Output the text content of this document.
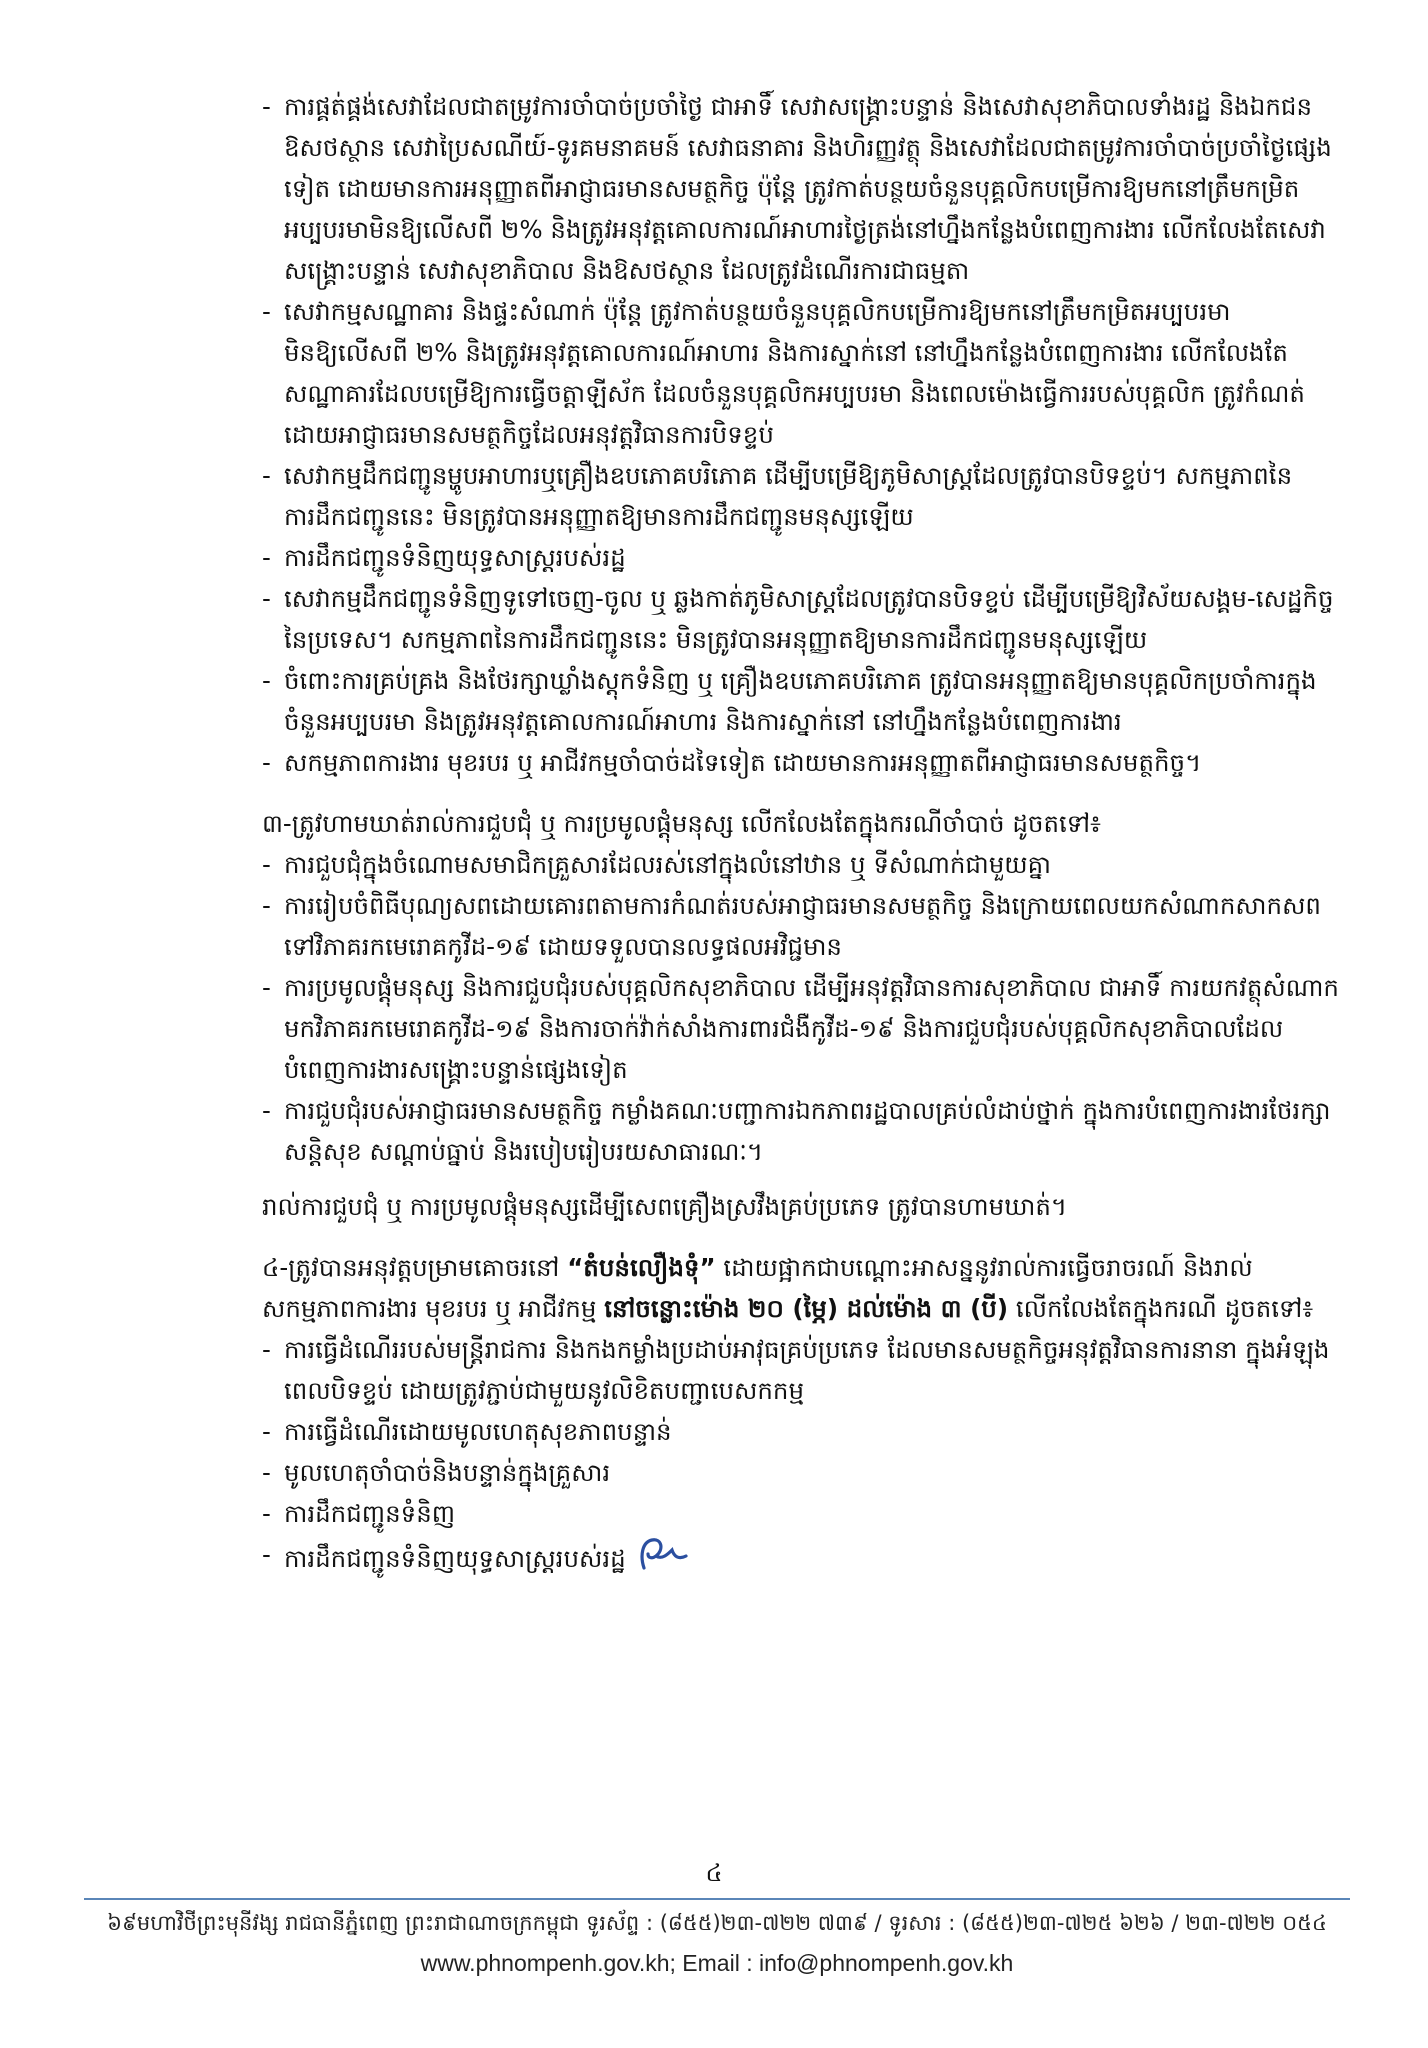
- ការផ្គត់ផ្គង់សេវាដែលជាតម្រូវការចាំបាច់ប្រចាំថ្ងៃ ជាអាទិ៍ សេវាសង្គ្រោះបន្ទាន់ និងសេវាសុខាភិបាលទាំងរដ្ឋ និងឯកជន ឱសថស្ថាន សេវាប្រៃសណីយ៍-ទូរគមនាគមន៍ សេវាធនាគារ និងហិរញ្ញវត្ថុ និងសេវាដែលជាតម្រូវការចាំបាច់ប្រចាំថ្ងៃផ្សេងទៀត ដោយមានការអនុញ្ញាតពីអាជ្ញាធរមានសមត្ថកិច្ច ប៉ុន្តែ ត្រូវកាត់បន្ថយចំនួនបុគ្គលិកបម្រើការឱ្យមកនៅត្រឹមកម្រិតអប្បបរមាមិនឱ្យលើសពី ២% និងត្រូវអនុវត្តគោលការណ៍អាហារថ្ងៃត្រង់នៅហ្នឹងកន្លែងបំពេញការងារ លើកលែងតែសេវាសង្គ្រោះបន្ទាន់ សេវាសុខាភិបាល និងឱសថស្ថាន ដែលត្រូវដំណើរការជាធម្មតា

- សេវាកម្មសណ្ឋាគារ និងផ្ទះសំណាក់ ប៉ុន្តែ ត្រូវកាត់បន្ថយចំនួនបុគ្គលិកបម្រើការឱ្យមកនៅត្រឹមកម្រិតអប្បបរមាមិនឱ្យលើសពី ២% និងត្រូវអនុវត្តគោលការណ៍អាហារ និងការស្នាក់នៅ នៅហ្នឹងកន្លែងបំពេញការងារ លើកលែងតែសណ្ឋាគារដែលបម្រើឱ្យការធ្វើចត្តាឡីស័ក ដែលចំនួនបុគ្គលិកអប្បបរមា និងពេលម៉ោងធ្វើការរបស់បុគ្គលិក ត្រូវកំណត់ដោយអាជ្ញាធរមានសមត្ថកិច្ចដែលអនុវត្តវិធានការបិទខ្ទប់

- សេវាកម្មដឹកជញ្ជូនម្ហូបអាហារឬគ្រឿងឧបភោគបរិភោគ ដើម្បីបម្រើឱ្យភូមិសាស្ត្រដែលត្រូវបានបិទខ្ទប់។ សកម្មភាពនៃការដឹកជញ្ជូននេះ មិនត្រូវបានអនុញ្ញាតឱ្យមានការដឹកជញ្ជូនមនុស្សឡើយ

- ការដឹកជញ្ជូនទំនិញយុទ្ធសាស្ត្ររបស់រដ្ឋ

- សេវាកម្មដឹកជញ្ជូនទំនិញទូទៅចេញ-ចូល ឬ ឆ្លងកាត់ភូមិសាស្ត្រដែលត្រូវបានបិទខ្ទប់ ដើម្បីបម្រើឱ្យវិស័យសង្គម-សេដ្ឋកិច្ចនៃប្រទេស។ សកម្មភាពនៃការដឹកជញ្ជូននេះ មិនត្រូវបានអនុញ្ញាតឱ្យមានការដឹកជញ្ជូនមនុស្សឡើយ

- ចំពោះការគ្រប់គ្រង និងថែរក្សាឃ្លាំងស្តុកទំនិញ ឬ គ្រឿងឧបភោគបរិភោគ ត្រូវបានអនុញ្ញាតឱ្យមានបុគ្គលិកប្រចាំការក្នុងចំនួនអប្បបរមា និងត្រូវអនុវត្តគោលការណ៍អាហារ និងការស្នាក់នៅ នៅហ្នឹងកន្លែងបំពេញការងារ

- សកម្មភាពការងារ មុខរបរ ឬ អាជីវកម្មចាំបាច់ដទៃទៀត ដោយមានការអនុញ្ញាតពីអាជ្ញាធរមានសមត្ថកិច្ច។

៣-ត្រូវហាមឃាត់រាល់ការជួបជុំ ឬ ការប្រមូលផ្តុំមនុស្ស លើកលែងតែក្នុងករណីចាំបាច់ ដូចតទៅ៖

- ការជួបជុំក្នុងចំណោមសមាជិកគ្រួសារដែលរស់នៅក្នុងលំនៅឋាន ឬ ទីសំណាក់ជាមួយគ្នា

- ការរៀបចំពិធីបុណ្យសពដោយគោរពតាមការកំណត់របស់អាជ្ញាធរមានសមត្ថកិច្ច និងក្រោយពេលយកសំណាកសាកសពទៅវិភាគរកមេរោគកូវីដ-១៩ ដោយទទួលបានលទ្ធផលអវិជ្ជមាន

- ការប្រមូលផ្តុំមនុស្ស និងការជួបជុំរបស់បុគ្គលិកសុខាភិបាល ដើម្បីអនុវត្តវិធានការសុខាភិបាល ជាអាទិ៍ ការយកវត្ថុសំណាកមកវិភាគរកមេរោគកូវីដ-១៩ និងការចាក់វ៉ាក់សាំងការពារជំងឺកូវីដ-១៩ និងការជួបជុំរបស់បុគ្គលិកសុខាភិបាលដែលបំពេញការងារសង្គ្រោះបន្ទាន់ផ្សេងទៀត

- ការជួបជុំរបស់អាជ្ញាធរមានសមត្ថកិច្ច កម្លាំងគណៈបញ្ជាការឯកភាពរដ្ឋបាលគ្រប់លំដាប់ថ្នាក់ ក្នុងការបំពេញការងារថែរក្សាសន្តិសុខ សណ្តាប់ធ្នាប់ និងរបៀបរៀបរយសាធារណៈ។

រាល់ការជួបជុំ ឬ ការប្រមូលផ្តុំមនុស្សដើម្បីសេពគ្រឿងស្រវឹងគ្រប់ប្រភេទ ត្រូវបានហាមឃាត់។

៤-ត្រូវបានអនុវត្តបម្រាមគោចរនៅ “តំបន់លឿងទុំ” ដោយផ្អាកជាបណ្តោះអាសន្ននូវរាល់ការធ្វើចរាចរណ៍ និងរាល់សកម្មភាពការងារ មុខរបរ ឬ អាជីវកម្ម នៅចន្លោះម៉ោង ២០ (ម្ភៃ) ដល់ម៉ោង ៣ (បី) លើកលែងតែក្នុងករណី ដូចតទៅ៖

- ការធ្វើដំណើររបស់មន្ត្រីរាជការ និងកងកម្លាំងប្រដាប់អាវុធគ្រប់ប្រភេទ ដែលមានសមត្ថកិច្ចអនុវត្តវិធានការនានា ក្នុងអំឡុងពេលបិទខ្ទប់ ដោយត្រូវភ្ជាប់ជាមួយនូវលិខិតបញ្ជាបេសកកម្ម

- ការធ្វើដំណើរដោយមូលហេតុសុខភាពបន្ទាន់

- មូលហេតុចាំបាច់និងបន្ទាន់ក្នុងគ្រួសារ

- ការដឹកជញ្ជូនទំនិញ

- ការដឹកជញ្ជូនទំនិញយុទ្ធសាស្ត្ររបស់រដ្ឋ

៤
៦៩មហាវិថីព្រះមុនីវង្ស រាជធានីភ្នំពេញ ព្រះរាជាណាចក្រកម្ពុជា ទូរស័ព្ទ : (៨៥៥)២៣-៧២២ ៧៣៩ / ទូរសារ : (៨៥៥)២៣-៧២៥ ៦២៦ / ២៣-៧២២ ០៥៤
www.phnompenh.gov.kh; Email : info@phnompenh.gov.kh
